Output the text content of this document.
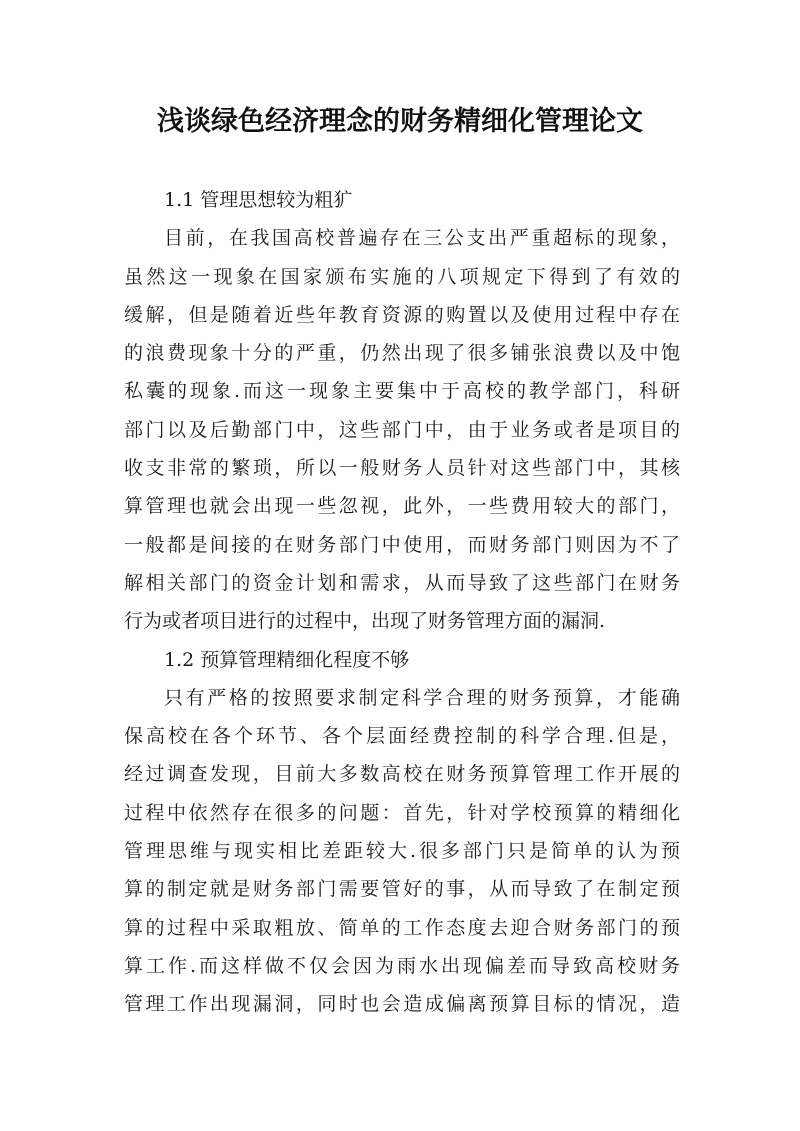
浅谈绿色经济理念的财务精细化管理论文
1.1 管理思想较为粗犷
目前，在我国高校普遍存在三公支出严重超标的现象，
虽然这一现象在国家颁布实施的八项规定下得到了有效的
缓解，但是随着近些年教育资源的购置以及使用过程中存在
的浪费现象十分的严重，仍然出现了很多铺张浪费以及中饱
私囊的现象.而这一现象主要集中于高校的教学部门，科研
部门以及后勤部门中，这些部门中，由于业务或者是项目的
收支非常的繁琐，所以一般财务人员针对这些部门中，其核
算管理也就会出现一些忽视，此外，一些费用较大的部门，
一般都是间接的在财务部门中使用，而财务部门则因为不了
解相关部门的资金计划和需求，从而导致了这些部门在财务
行为或者项目进行的过程中，出现了财务管理方面的漏洞.
1.2 预算管理精细化程度不够
只有严格的按照要求制定科学合理的财务预算，才能确
保高校在各个环节、各个层面经费控制的科学合理.但是，
经过调查发现，目前大多数高校在财务预算管理工作开展的
过程中依然存在很多的问题：首先，针对学校预算的精细化
管理思维与现实相比差距较大.很多部门只是简单的认为预
算的制定就是财务部门需要管好的事，从而导致了在制定预
算的过程中采取粗放、简单的工作态度去迎合财务部门的预
算工作.而这样做不仅会因为雨水出现偏差而导致高校财务
管理工作出现漏洞，同时也会造成偏离预算目标的情况，造
